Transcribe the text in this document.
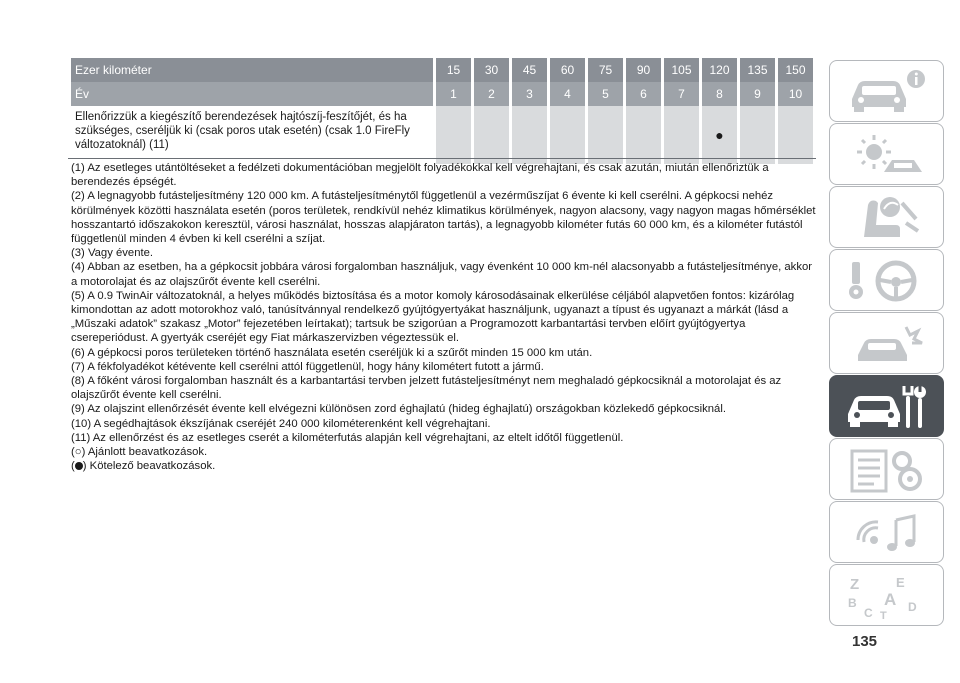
Ezer kilométer	15	30	45	60	75	90	105	120	135	150
Év	1	2	3	4	5	6	7	8	9	10
Ellenőrizzük a kiegészítő berendezések hajtószíj-feszítőjét, és ha szükséges, cseréljük ki (csak poros utak esetén) (csak 1.0 FireFly változatoknál) (11)								●		

(1) Az esetleges utántöltéseket a fedélzeti dokumentációban megjelölt folyadékokkal kell végrehajtani, és csak azután, miután ellenőriztük a berendezés épségét.

(2) A legnagyobb futásteljesítmény 120 000 km. A futásteljesítménytől függetlenül a vezérműszíjat 6 évente ki kell cserélni. A gépkocsi nehéz körülmények közötti használata esetén (poros területek, rendkívül nehéz klimatikus körülmények, nagyon alacsony, vagy nagyon magas hőmérséklet hosszantartó időszakokon keresztül, városi használat, hosszas alapjáraton tartás), a legnagyobb kilométer futás 60 000 km, és a kilométer futástól függetlenül minden 4 évben ki kell cserélni a szíjat.

(3) Vagy évente.

(4) Abban az esetben, ha a gépkocsit jobbára városi forgalomban használjuk, vagy évenként 10 000 km-nél alacsonyabb a futásteljesítménye, akkor a motorolajat és az olajszűrőt évente kell cserélni.

(5) A 0.9 TwinAir változatoknál, a helyes működés biztosítása és a motor komoly károsodásainak elkerülése céljából alapvetően fontos: kizárólag kimondottan az adott motorokhoz való, tanúsítvánnyal rendelkező gyújtógyertyákat használjunk, ugyanazt a típust és ugyanazt a márkát (lásd a „Műszaki adatok” szakasz „Motor” fejezetében leírtakat); tartsuk be szigorúan a Programozott karbantartási tervben előírt gyújtógyertya csereperiódust. A gyertyák cseréjét egy Fiat márkaszervizben végeztessük el.

(6) A gépkocsi poros területeken történő használata esetén cseréljük ki a szűrőt minden 15 000 km után.

(7) A fékfolyadékot kétévente kell cserélni attól függetlenül, hogy hány kilométert futott a jármű.

(8) A főként városi forgalomban használt és a karbantartási tervben jelzett futásteljesítményt nem meghaladó gépkocsiknál a motorolajat és az olajszűrőt évente kell cserélni.

(9) Az olajszint ellenőrzését évente kell elvégezni különösen zord éghajlatú (hideg éghajlatú) országokban közlekedő gépkocsiknál.

(10) A segédhajtások ékszíjának cseréjét 240 000 kilométerenként kell végrehajtani.

(11) Az ellenőrzést és az esetleges cserét a kilométerfutás alapján kell végrehajtani, az eltelt időtől függetlenül.

(○) Ajánlott beavatkozások.

( ) Kötelező beavatkozások.

Z	E
B A
C	D
T
135
